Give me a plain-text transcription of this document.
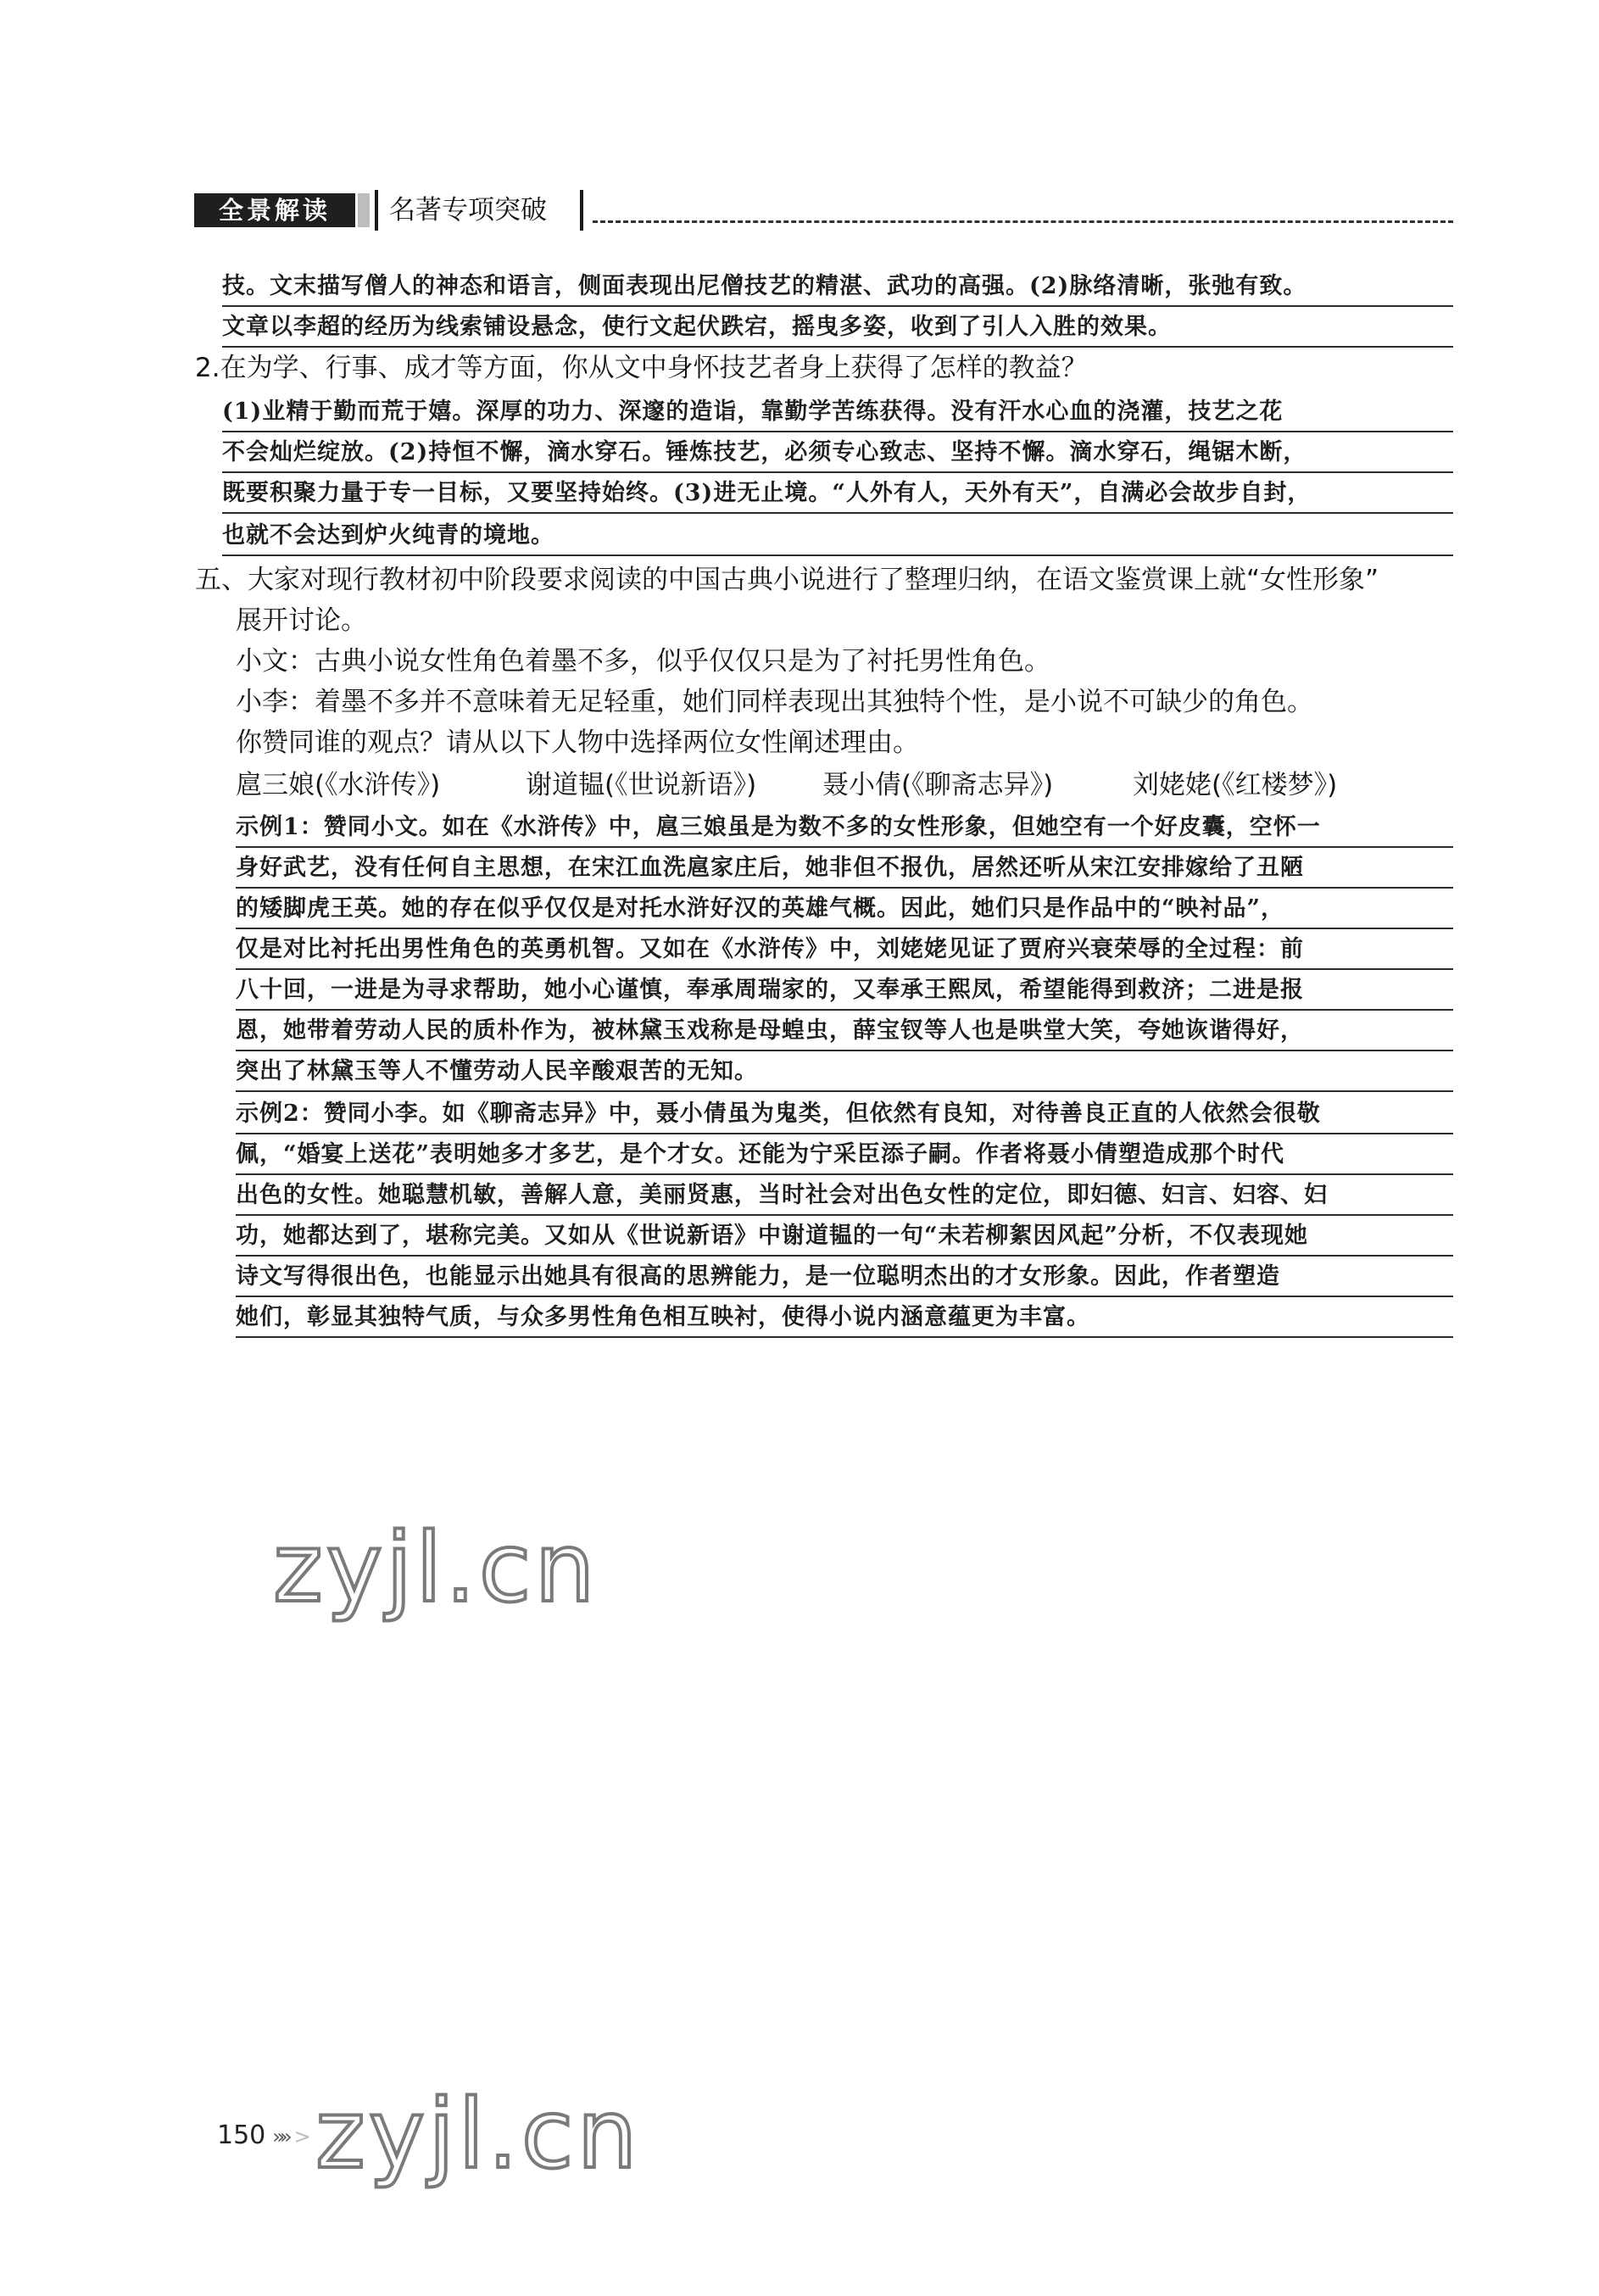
全景解读	名著专项突破
技。文末描写僧人的神态和语言，侧面表现出尼僧技艺的精湛、武功的高强。(2)脉络清晰，张弛有致。
文章以李超的经历为线索铺设悬念，使行文起伏跌宕，摇曳多姿，收到了引人入胜的效果。
2.在为学、行事、成才等方面，你从文中身怀技艺者身上获得了怎样的教益？
(1)业精于勤而荒于嬉。深厚的功力、深邃的造诣，靠勤学苦练获得。没有汗水心血的浇灌，技艺之花
不会灿烂绽放。(2)持恒不懈，滴水穿石。锤炼技艺，必须专心致志、坚持不懈。滴水穿石，绳锯木断，
既要积聚力量于专一目标，又要坚持始终。(3)进无止境。“人外有人，天外有天”，自满必会故步自封，
也就不会达到炉火纯青的境地。
五、大家对现行教材初中阶段要求阅读的中国古典小说进行了整理归纳，在语文鉴赏课上就“女性形象”
展开讨论。
小文：古典小说女性角色着墨不多，似乎仅仅只是为了衬托男性角色。
小李：着墨不多并不意味着无足轻重，她们同样表现出其独特个性，是小说不可缺少的角色。
你赞同谁的观点？请从以下人物中选择两位女性阐述理由。
扈三娘(《水浒传》)	谢道韫(《世说新语》)	聂小倩(《聊斋志异》)	刘姥姥(《红楼梦》)
示例1：赞同小文。如在《水浒传》中，扈三娘虽是为数不多的女性形象，但她空有一个好皮囊，空怀一
身好武艺，没有任何自主思想，在宋江血洗扈家庄后，她非但不报仇，居然还听从宋江安排嫁给了丑陋
的矮脚虎王英。她的存在似乎仅仅是对托水浒好汉的英雄气概。因此，她们只是作品中的“映衬品”，
仅是对比衬托出男性角色的英勇机智。又如在《水浒传》中，刘姥姥见证了贾府兴衰荣辱的全过程：前
八十回，一进是为寻求帮助，她小心谨慎，奉承周瑞家的，又奉承王熙凤，希望能得到救济；二进是报
恩，她带着劳动人民的质朴作为，被林黛玉戏称是母蝗虫，薛宝钗等人也是哄堂大笑，夸她诙谐得好，
突出了林黛玉等人不懂劳动人民辛酸艰苦的无知。
示例2：赞同小李。如《聊斋志异》中，聂小倩虽为鬼类，但依然有良知，对待善良正直的人依然会很敬
佩，“婚宴上送花”表明她多才多艺，是个才女。还能为宁采臣添子嗣。作者将聂小倩塑造成那个时代
出色的女性。她聪慧机敏，善解人意，美丽贤惠，当时社会对出色女性的定位，即妇德、妇言、妇容、妇
功，她都达到了，堪称完美。又如从《世说新语》中谢道韫的一句“未若柳絮因风起”分析，不仅表现她
诗文写得很出色，也能显示出她具有很高的思辨能力，是一位聪明杰出的才女形象。因此，作者塑造
她们，彰显其独特气质，与众多男性角色相互映衬，使得小说内涵意蕴更为丰富。
zyjl.cn
zyjl.cn
150 »» >
